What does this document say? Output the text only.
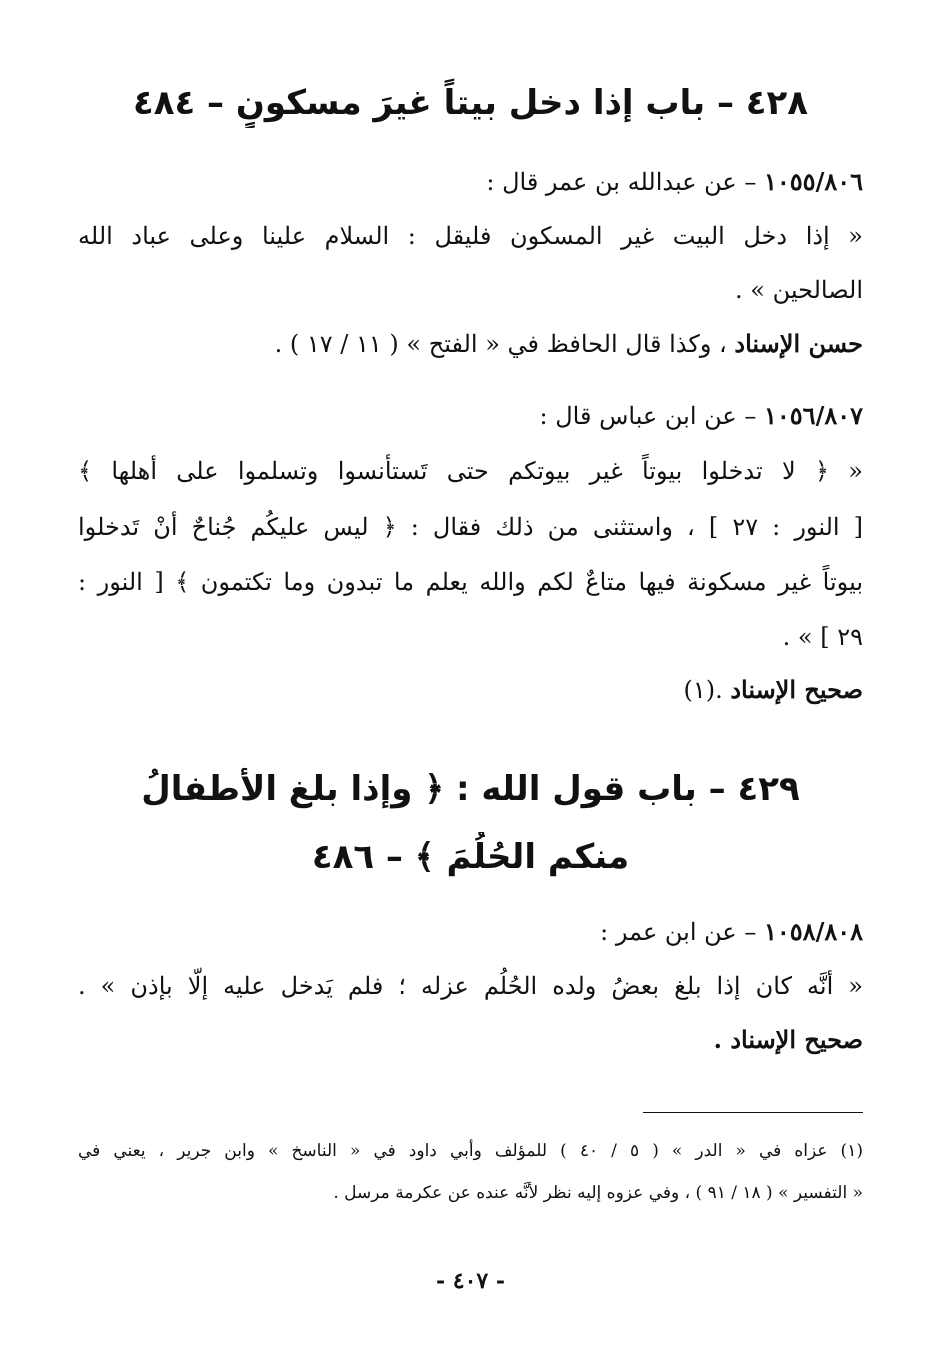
٤٢٨ – باب إذا دخل بيتاً غيرَ مسكونٍ – ٤٨٤
١٠٥٥/٨٠٦ – عن عبدالله بن عمر قال :
« إذا دخل البيت غير المسكون فليقل : السلام علينا وعلى عباد الله
الصالحين » .
حسن الإسناد ، وكذا قال الحافظ في « الفتح » ( ١١ / ١٧ ) .
١٠٥٦/٨٠٧ – عن ابن عباس قال :
« ﴿ لا تدخلوا بيوتاً غير بيوتكم حتى تَستأنسوا وتسلموا على أهلها ﴾
[ النور : ٢٧ ] ، واستثنى من ذلك فقال : ﴿ ليس عليكُم جُناحٌ أنْ تَدخلوا
بيوتاً غير مسكونة فيها متاعٌ لكم والله يعلم ما تبدون وما تكتمون ﴾ [ النور :
٢٩ ] » .
صحيح الإسناد .(١)
٤٢٩ – باب قول الله : ﴿ وإذا بلغ الأطفالُ
منكم الحُلُمَ ﴾ – ٤٨٦
١٠٥٨/٨٠٨ – عن ابن عمر :
« أنَّه كان إذا بلغ بعضُ ولده الحُلُم عزله ؛ فلم يَدخل عليه إلّا بإذن » .
صحيح الإسناد .
(١) عزاه في « الدر » ( ٥ / ٤٠ ) للمؤلف وأبي داود في « الناسخ » وابن جرير ، يعني في
« التفسير » ( ١٨ / ٩١ ) ، وفي عزوه إليه نظر لأنَّه عنده عن عكرمة مرسل .
- ٤٠٧ -
